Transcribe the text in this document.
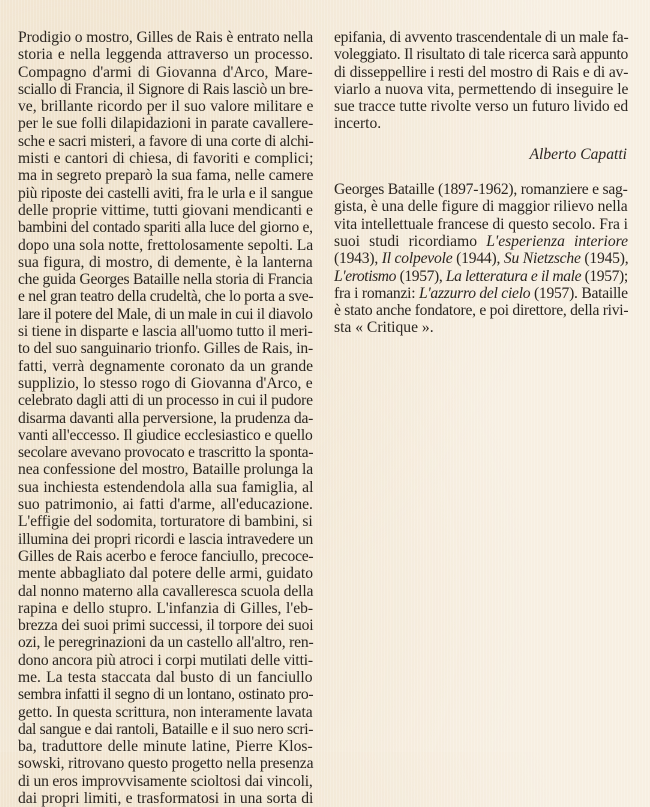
Prodigio o mostro, Gilles de Rais è entrato nella
storia e nella leggenda attraverso un processo.
Compagno d'armi di Giovanna d'Arco, Mare-
sciallo di Francia, il Signore di Rais lasciò un bre-
ve, brillante ricordo per il suo valore militare e
per le sue folli dilapidazioni in parate cavallere-
sche e sacri misteri, a favore di una corte di alchi-
misti e cantori di chiesa, di favoriti e complici;
ma in segreto preparò la sua fama, nelle camere
più riposte dei castelli aviti, fra le urla e il sangue
delle proprie vittime, tutti giovani mendicanti e
bambini del contado spariti alla luce del giorno e,
dopo una sola notte, frettolosamente sepolti. La
sua figura, di mostro, di demente, è la lanterna
che guida Georges Bataille nella storia di Francia
e nel gran teatro della crudeltà, che lo porta a sve-
lare il potere del Male, di un male in cui il diavolo
si tiene in disparte e lascia all'uomo tutto il meri-
to del suo sanguinario trionfo. Gilles de Rais, in-
fatti, verrà degnamente coronato da un grande
supplizio, lo stesso rogo di Giovanna d'Arco, e
celebrato dagli atti di un processo in cui il pudore
disarma davanti alla perversione, la prudenza da-
vanti all'eccesso. Il giudice ecclesiastico e quello
secolare avevano provocato e trascritto la sponta-
nea confessione del mostro, Bataille prolunga la
sua inchiesta estendendola alla sua famiglia, al
suo patrimonio, ai fatti d'arme, all'educazione.
L'effigie del sodomita, torturatore di bambini, si
illumina dei propri ricordi e lascia intravedere un
Gilles de Rais acerbo e feroce fanciullo, precoce-
mente abbagliato dal potere delle armi, guidato
dal nonno materno alla cavalleresca scuola della
rapina e dello stupro. L'infanzia di Gilles, l'eb-
brezza dei suoi primi successi, il torpore dei suoi
ozi, le peregrinazioni da un castello all'altro, ren-
dono ancora più atroci i corpi mutilati delle vitti-
me. La testa staccata dal busto di un fanciullo
sembra infatti il segno di un lontano, ostinato pro-
getto. In questa scrittura, non interamente lavata
dal sangue e dai rantoli, Bataille e il suo nero scri-
ba, traduttore delle minute latine, Pierre Klos-
sowski, ritrovano questo progetto nella presenza
di un eros improvvisamente scioltosi dai vincoli,
dai propri limiti, e trasformatosi in una sorta di
epifania, di avvento trascendentale di un male fa-
voleggiato. Il risultato di tale ricerca sarà appunto
di disseppellire i resti del mostro di Rais e di av-
viarlo a nuova vita, permettendo di inseguire le
sue tracce tutte rivolte verso un futuro livido ed
incerto.
Alberto Capatti
Georges Bataille (1897-1962), romanziere e sag-
gista, è una delle figure di maggior rilievo nella
vita intellettuale francese di questo secolo. Fra i
suoi studi ricordiamo L'esperienza interiore
(1943), Il colpevole (1944), Su Nietzsche (1945),
L'erotismo (1957), La letteratura e il male (1957);
fra i romanzi: L'azzurro del cielo (1957). Bataille
è stato anche fondatore, e poi direttore, della rivi-
sta « Critique ».
